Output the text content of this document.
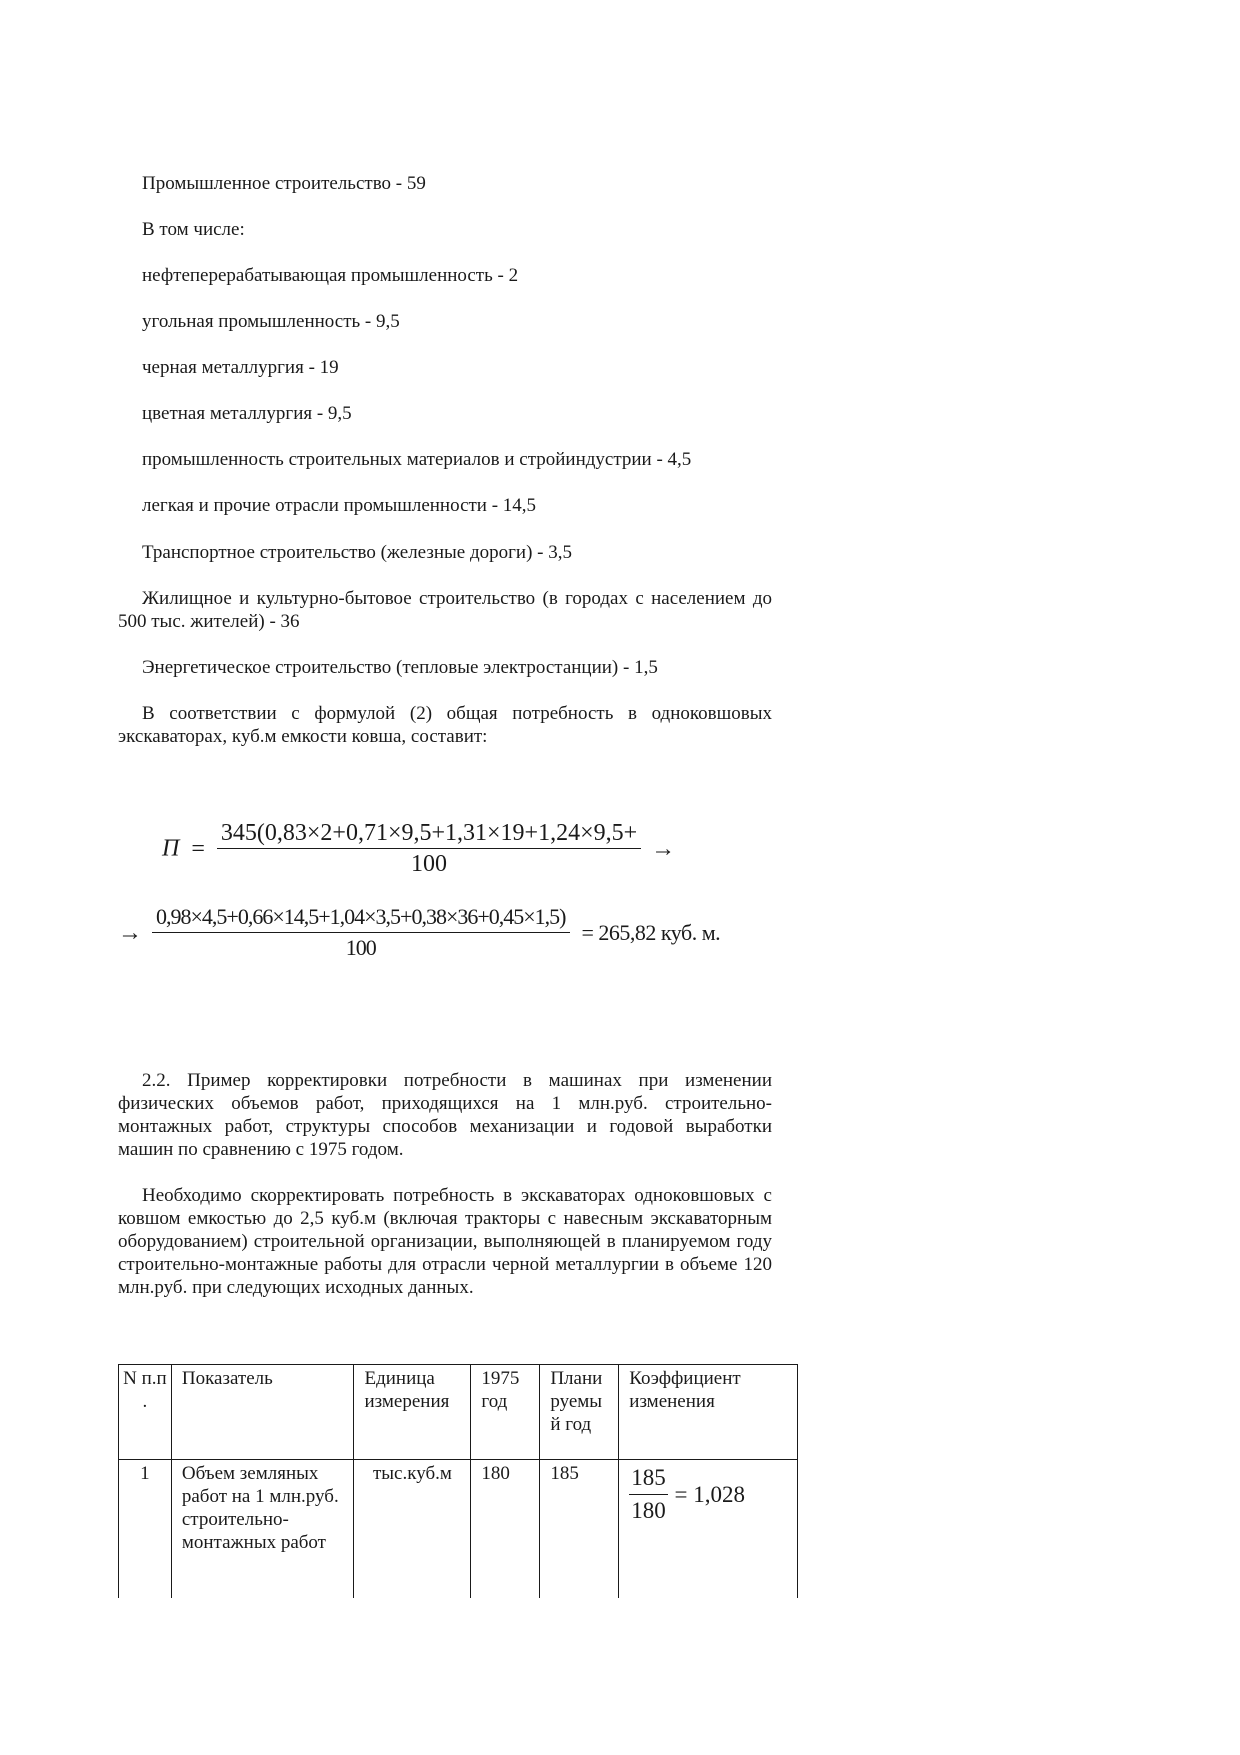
Промышленное строительство - 59

В том числе:

нефтеперерабатывающая промышленность - 2

угольная промышленность - 9,5

черная металлургия - 19

цветная металлургия - 9,5

промышленность строительных материалов и стройиндустрии - 4,5

легкая и прочие отрасли промышленности - 14,5

Транспортное строительство (железные дороги) - 3,5

Жилищное и культурно-бытовое строительство (в городах с населением до 500 тыс. жителей) - 36

Энергетическое строительство (тепловые электростанции) - 1,5

В соответствии с формулой (2) общая потребность в одноковшовых экскаваторах, куб.м емкости ковша, составит:

$П = \frac{345(0,83\times 2+0,71\times 9,5+1,31\times 19+1,24\times 9,5+}{100}$ →
→ $\frac{0,98\times 4,5+0,66\times 14,5+1,04\times 3,5+0,38\times 36+0,45\times 1,5)}{100} = 265,82$ куб. м.

2.2. Пример корректировки потребности в машинах при изменении физических объемов работ, приходящихся на 1 млн.руб. строительно-монтажных работ, структуры способов механизации и годовой выработки машин по сравнению с 1975 годом.

Необходимо скорректировать потребность в экскаваторах одноковшовых с ковшом емкостью до 2,5 куб.м (включая тракторы с навесным экскаваторным оборудованием) строительной организации, выполняющей в планируемом году строительно-монтажные работы для отрасли черной металлургии в объеме 120 млн.руб. при следующих исходных данных.

N п.п .	Показатель	Единица измерения	1975 год	Плани руемы й год	Коэффициент изменения
1	Объем земляных работ на 1 млн.руб. строительно-монтажных работ	тыс.куб.м	180	185	$\frac{185}{180} = 1,028$
